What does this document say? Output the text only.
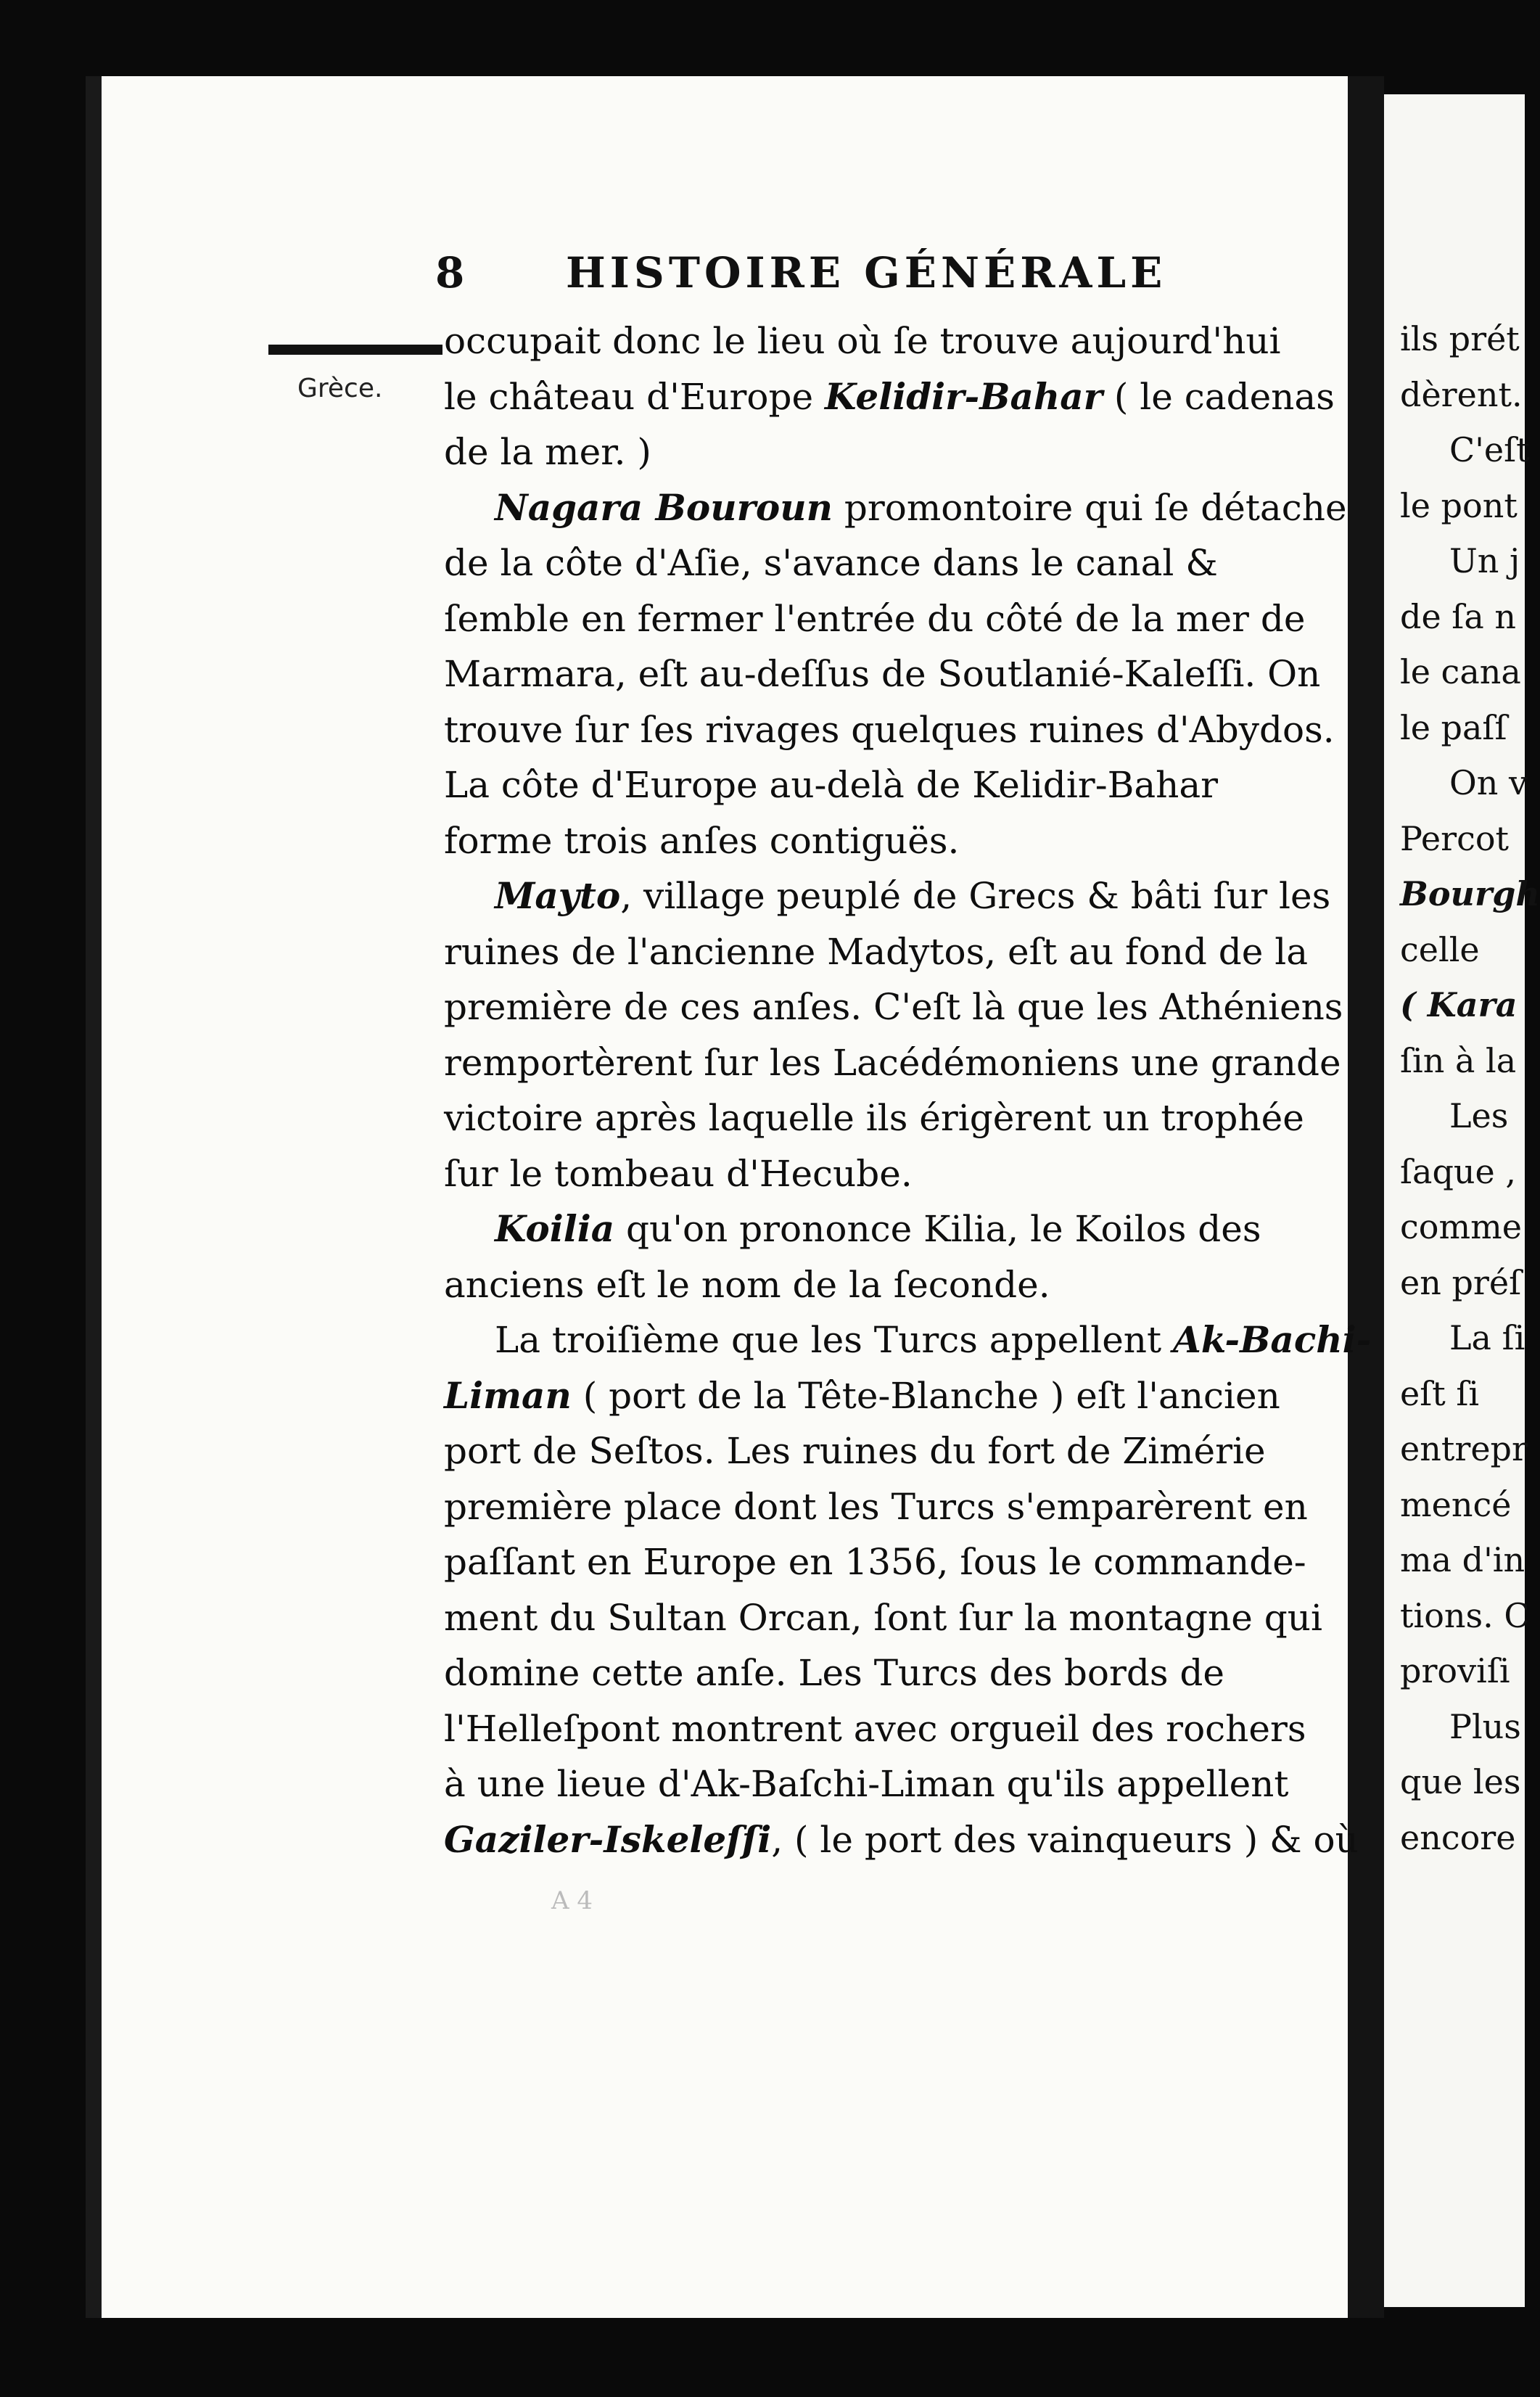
8 HISTOIRE GÉNÉRALE
Grèce.
occupait donc le lieu où ſe trouve aujourd'hui
le château d'Europe Kelidir-Bahar ( le cadenas
de la mer. )
Nagara Bouroun promontoire qui ſe détache
de la côte d'Aſie, s'avance dans le canal &
ſemble en fermer l'entrée du côté de la mer de
Marmara, eſt au-deſſus de Soutlanié-Kaleſſi. On
trouve ſur ſes rivages quelques ruines d'Abydos.
La côte d'Europe au-delà de Kelidir-Bahar
forme trois anſes contiguës.
Mayto, village peuplé de Grecs & bâti ſur les
ruines de l'ancienne Madytos, eſt au fond de la
première de ces anſes. C'eſt là que les Athéniens
remportèrent ſur les Lacédémoniens une grande
victoire après laquelle ils érigèrent un trophée
ſur le tombeau d'Hecube.
Koilia qu'on prononce Kilia, le Koilos des
anciens eſt le nom de la ſeconde.
La troiſième que les Turcs appellent Ak-Bachi-
Liman ( port de la Tête-Blanche ) eſt l'ancien
port de Seſtos. Les ruines du fort de Zimérie
première place dont les Turcs s'emparèrent en
paſſant en Europe en 1356, ſous le commande-
ment du Sultan Orcan, ſont ſur la montagne qui
domine cette anſe. Les Turcs des bords de
l'Helleſpont montrent avec orgueil des rochers
à une lieue d'Ak-Baſchi-Liman qu'ils appellent
Gaziler-Iskeleſſi, ( le port des vainqueurs ) & où
A 4
ils prét
dèrent.
C'eſt
le pont
Un j
de ſa n
le cana
le paſſ
On v
Percot
Bourgh
celle
( Kara
ſin à la
Les
ſaque ,
comme
en préſ
La ſi
eſt ſi
entrepr
mencé
ma d'in
tions. C
proviſi
Plus
que les
encore
